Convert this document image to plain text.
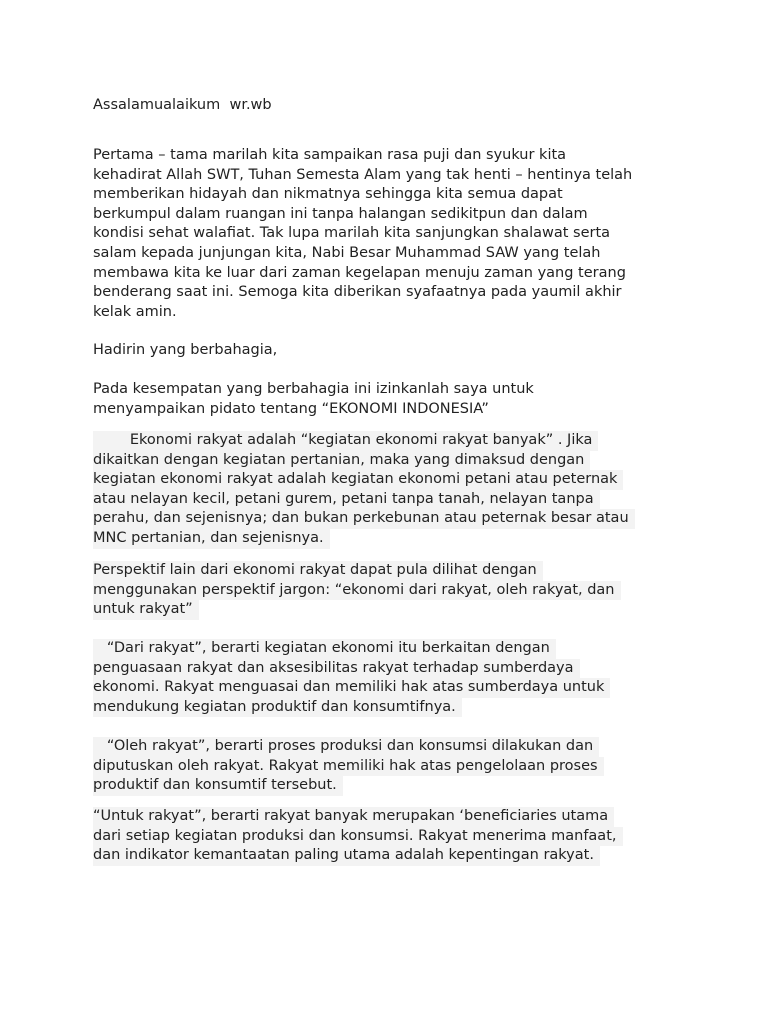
Assalamualaikum  wr.wb

Pertama – tama marilah kita sampaikan rasa puji dan syukur kita
kehadirat Allah SWT, Tuhan Semesta Alam yang tak henti – hentinya telah
memberikan hidayah dan nikmatnya sehingga kita semua dapat
berkumpul dalam ruangan ini tanpa halangan sedikitpun dan dalam
kondisi sehat walafiat. Tak lupa marilah kita sanjungkan shalawat serta
salam kepada junjungan kita, Nabi Besar Muhammad SAW yang telah
membawa kita ke luar dari zaman kegelapan menuju zaman yang terang
benderang saat ini. Semoga kita diberikan syafaatnya pada yaumil akhir
kelak amin.

Hadirin yang berbahagia,

Pada kesempatan yang berbahagia ini izinkanlah saya untuk
menyampaikan pidato tentang “EKONOMI INDONESIA”

Ekonomi rakyat adalah “kegiatan ekonomi rakyat banyak” . Jika
dikaitkan dengan kegiatan pertanian, maka yang dimaksud dengan
kegiatan ekonomi rakyat adalah kegiatan ekonomi petani atau peternak
atau nelayan kecil, petani gurem, petani tanpa tanah, nelayan tanpa
perahu, dan sejenisnya; dan bukan perkebunan atau peternak besar atau
MNC pertanian, dan sejenisnya.

Perspektif lain dari ekonomi rakyat dapat pula dilihat dengan
menggunakan perspektif jargon: “ekonomi dari rakyat, oleh rakyat, dan
untuk rakyat”

“Dari rakyat”, berarti kegiatan ekonomi itu berkaitan dengan
penguasaan rakyat dan aksesibilitas rakyat terhadap sumberdaya
ekonomi. Rakyat menguasai dan memiliki hak atas sumberdaya untuk
mendukung kegiatan produktif dan konsumtifnya.

“Oleh rakyat”, berarti proses produksi dan konsumsi dilakukan dan
diputuskan oleh rakyat. Rakyat memiliki hak atas pengelolaan proses
produktif dan konsumtif tersebut.

“Untuk rakyat”, berarti rakyat banyak merupakan ‘beneficiaries utama
dari setiap kegiatan produksi dan konsumsi. Rakyat menerima manfaat,
dan indikator kemantaatan paling utama adalah kepentingan rakyat.
